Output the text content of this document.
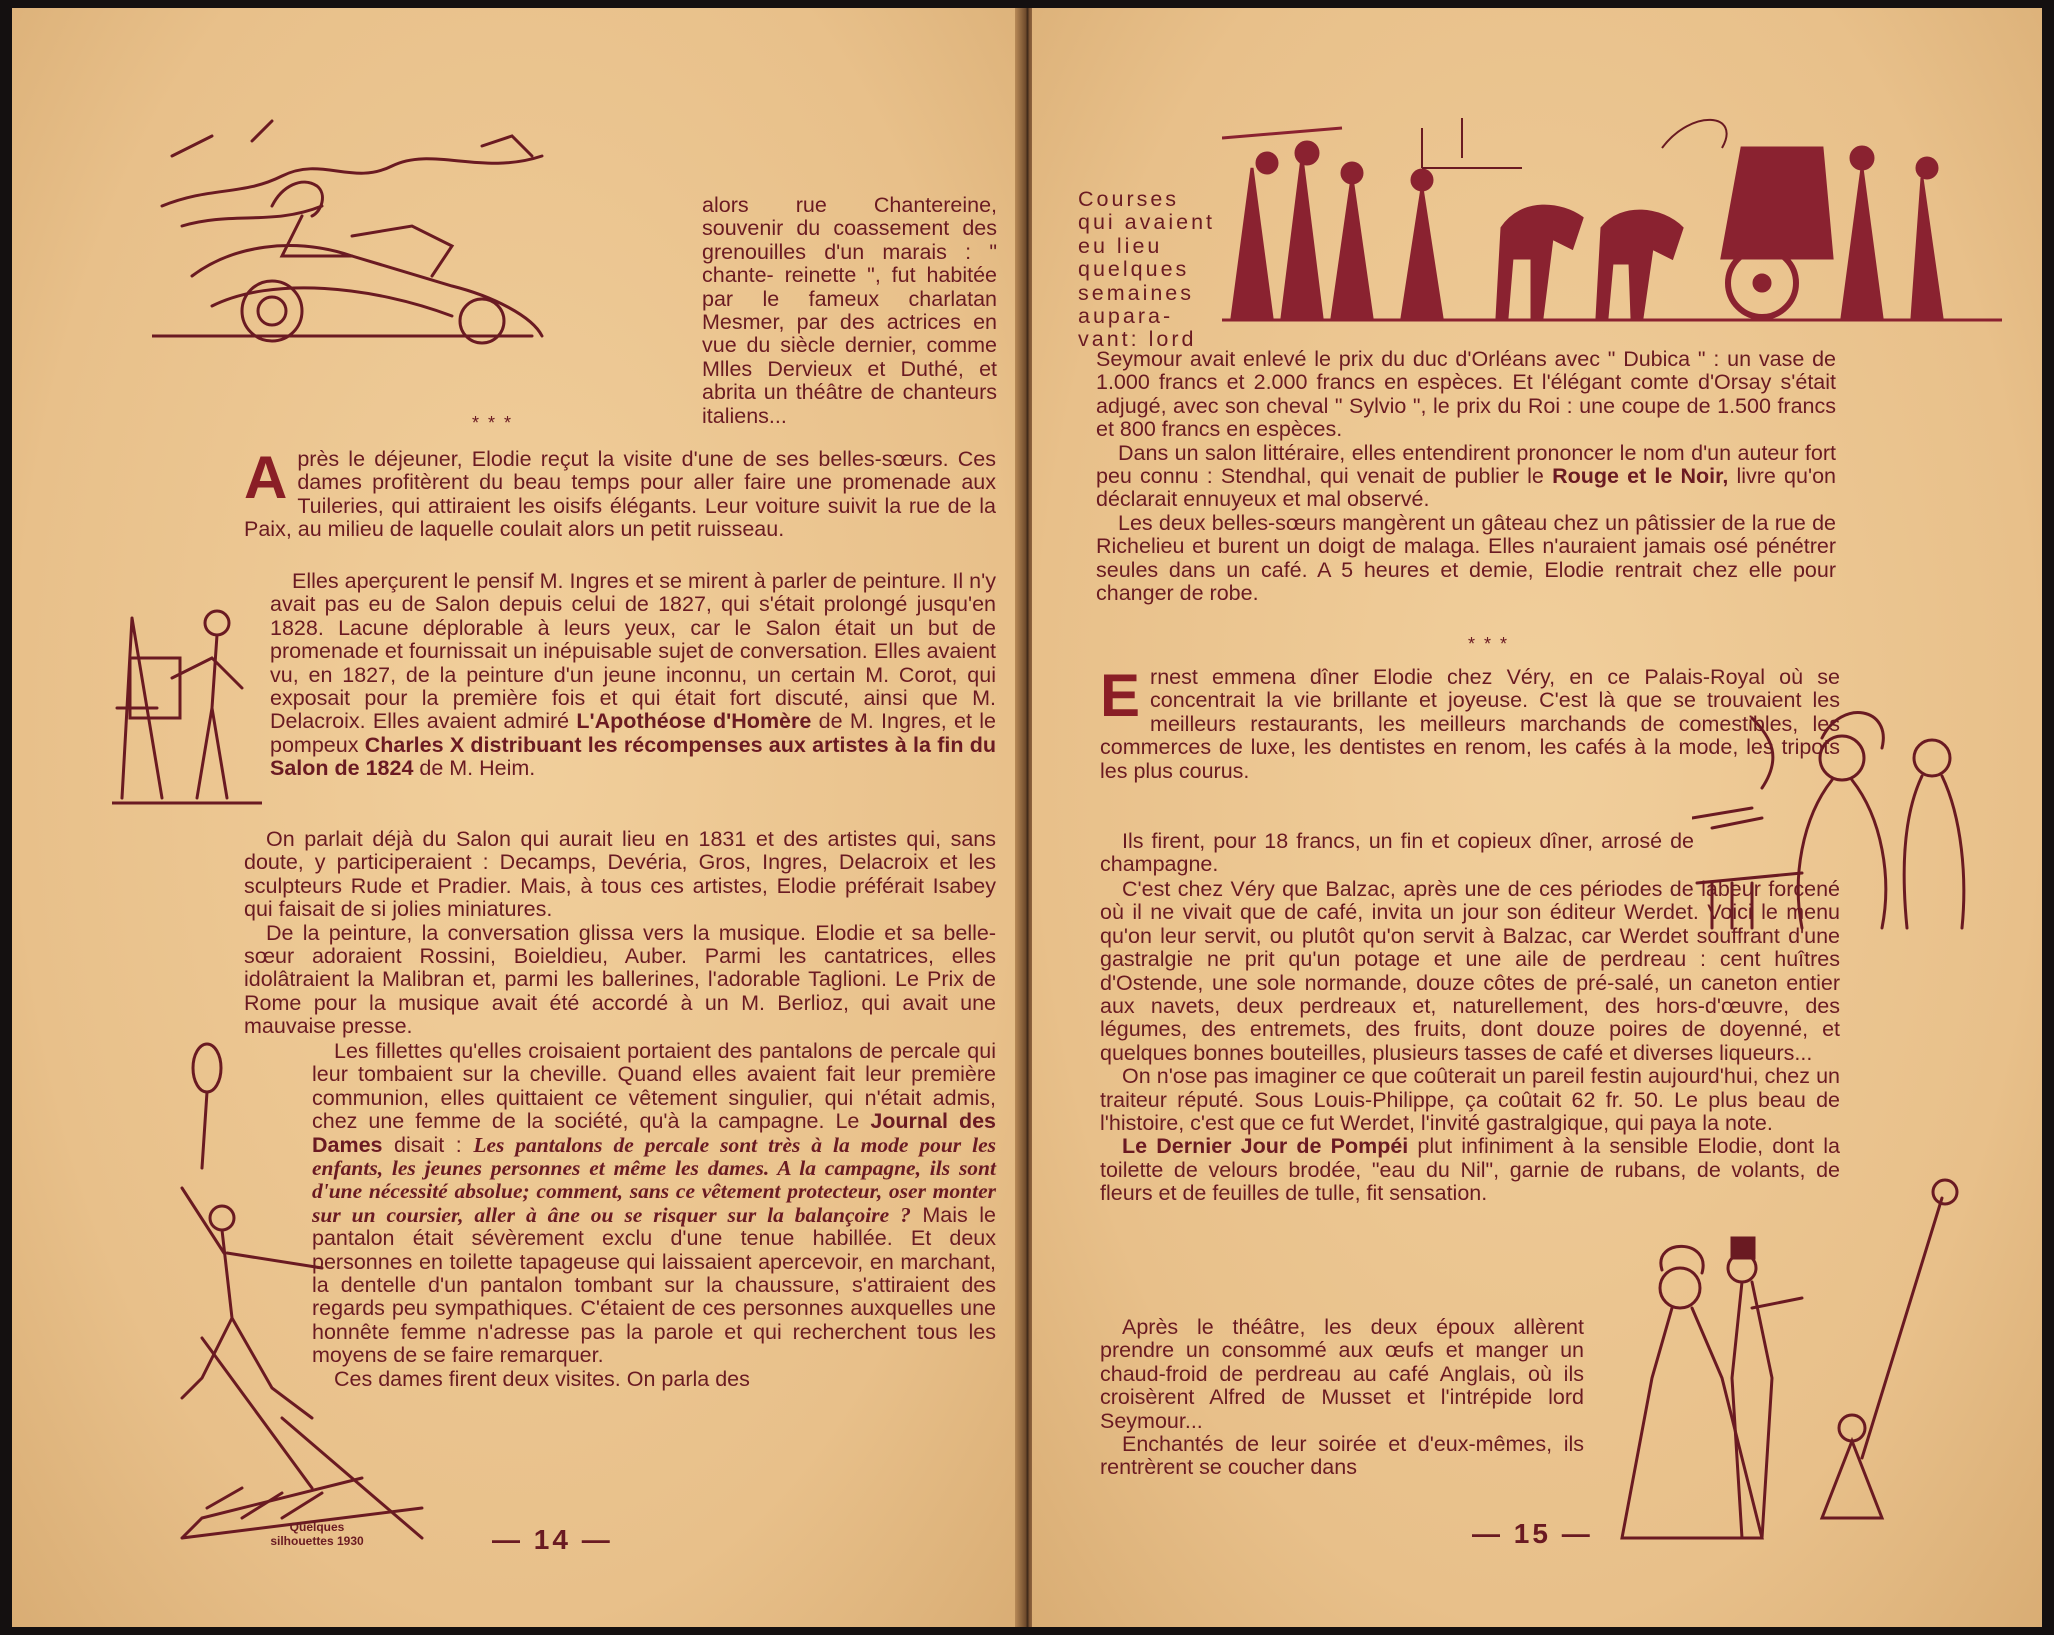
alors rue Chantereine, souvenir du coassement des grenouilles d'un marais : " chante- reinette ", fut habitée par le fameux charlatan Mesmer, par des actrices en vue du siècle dernier, comme Mlles Dervieux et Duthé, et abrita un théâtre de chanteurs italiens...

* * *
A près le déjeuner, Elodie reçut la visite d'une de ses belles-sœurs. Ces dames profitèrent du beau temps pour aller faire une promenade aux Tuileries, qui attiraient les oisifs élégants. Leur voiture suivit la rue de la Paix, au milieu de laquelle coulait alors un petit ruisseau.

Elles aperçurent le pensif M. Ingres et se mirent à parler de peinture. Il n'y avait pas eu de Salon depuis celui de 1827, qui s'était prolongé jusqu'en 1828. Lacune déplorable à leurs yeux, car le Salon était un but de promenade et fournissait un inépuisable sujet de conversation. Elles avaient vu, en 1827, de la peinture d'un jeune inconnu, un certain M. Corot, qui exposait pour la première fois et qui était fort discuté, ainsi que M. Delacroix. Elles avaient admiré L'Apothéose d'Homère de M. Ingres, et le pompeux Charles X distribuant les récompenses aux artistes à la fin du Salon de 1824 de M. Heim.

On parlait déjà du Salon qui aurait lieu en 1831 et des artistes qui, sans doute, y participeraient : Decamps, Devéria, Gros, Ingres, Delacroix et les sculpteurs Rude et Pradier. Mais, à tous ces artistes, Elodie préférait Isabey qui faisait de si jolies miniatures.

De la peinture, la conversation glissa vers la musique. Elodie et sa belle-sœur adoraient Rossini, Boieldieu, Auber. Parmi les cantatrices, elles idolâtraient la Malibran et, parmi les ballerines, l'adorable Taglioni. Le Prix de Rome pour la musique avait été accordé à un M. Berlioz, qui avait une mauvaise presse.

Les fillettes qu'elles croisaient portaient des pantalons de percale qui leur tombaient sur la cheville. Quand elles avaient fait leur première communion, elles quittaient ce vêtement singulier, qui n'était admis, chez une femme de la société, qu'à la campagne. Le Journal des Dames disait : Les pantalons de percale sont très à la mode pour les enfants, les jeunes personnes et même les dames. A la campagne, ils sont d'une nécessité absolue; comment, sans ce vêtement protecteur, oser monter sur un coursier, aller à âne ou se risquer sur la balançoire ? Mais le pantalon était sévèrement exclu d'une tenue habillée. Et deux personnes en toilette tapageuse qui laissaient apercevoir, en marchant, la dentelle d'un pantalon tombant sur la chaussure, s'attiraient des regards peu sympathiques. C'étaient de ces personnes auxquelles une honnête femme n'adresse pas la parole et qui recherchent tous les moyens de se faire remarquer.

Ces dames firent deux visites. On parla des

Quelques
silhouettes 1930	— 14 —
Courses
qui avaient
eu lieu
quelques
semaines
aupara-
vant: lord

Seymour avait enlevé le prix du duc d'Orléans avec " Dubica " : un vase de 1.000 francs et 2.000 francs en espèces. Et l'élégant comte d'Orsay s'était adjugé, avec son cheval " Sylvio ", le prix du Roi : une coupe de 1.500 francs et 800 francs en espèces.

Dans un salon littéraire, elles entendirent prononcer le nom d'un auteur fort peu connu : Stendhal, qui venait de publier le Rouge et le Noir, livre qu'on déclarait ennuyeux et mal observé.

Les deux belles-sœurs mangèrent un gâteau chez un pâtissier de la rue de Richelieu et burent un doigt de malaga. Elles n'auraient jamais osé pénétrer seules dans un café. A 5 heures et demie, Elodie rentrait chez elle pour changer de robe.

* * *
E rnest emmena dîner Elodie chez Véry, en ce Palais-Royal où se concentrait la vie brillante et joyeuse. C'est là que se trouvaient les meilleurs restaurants, les meilleurs marchands de comestibles, les commerces de luxe, les dentistes en renom, les cafés à la mode, les tripots les plus courus.

Ils firent, pour 18 francs, un fin et copieux dîner, arrosé de champagne.

C'est chez Véry que Balzac, après une de ces périodes de labeur forcené où il ne vivait que de café, invita un jour son éditeur Werdet. Voici le menu qu'on leur servit, ou plutôt qu'on servit à Balzac, car Werdet souffrant d'une gastralgie ne prit qu'un potage et une aile de perdreau : cent huîtres d'Ostende, une sole normande, douze côtes de pré-salé, un caneton entier aux navets, deux perdreaux et, naturellement, des hors-d'œuvre, des légumes, des entremets, des fruits, dont douze poires de doyenné, et quelques bonnes bouteilles, plusieurs tasses de café et diverses liqueurs...

On n'ose pas imaginer ce que coûterait un pareil festin aujourd'hui, chez un traiteur réputé. Sous Louis-Philippe, ça coûtait 62 fr. 50. Le plus beau de l'histoire, c'est que ce fut Werdet, l'invité gastralgique, qui paya la note.

Le Dernier Jour de Pompéi plut infiniment à la sensible Elodie, dont la toilette de velours brodée, "eau du Nil", garnie de rubans, de volants, de fleurs et de feuilles de tulle, fit sensation.

Après le théâtre, les deux époux allèrent prendre un consommé aux œufs et manger un chaud-froid de perdreau au café Anglais, où ils croisèrent Alfred de Musset et l'intrépide lord Seymour...

Enchantés de leur soirée et d'eux-mêmes, ils rentrèrent se coucher dans

— 15 —
